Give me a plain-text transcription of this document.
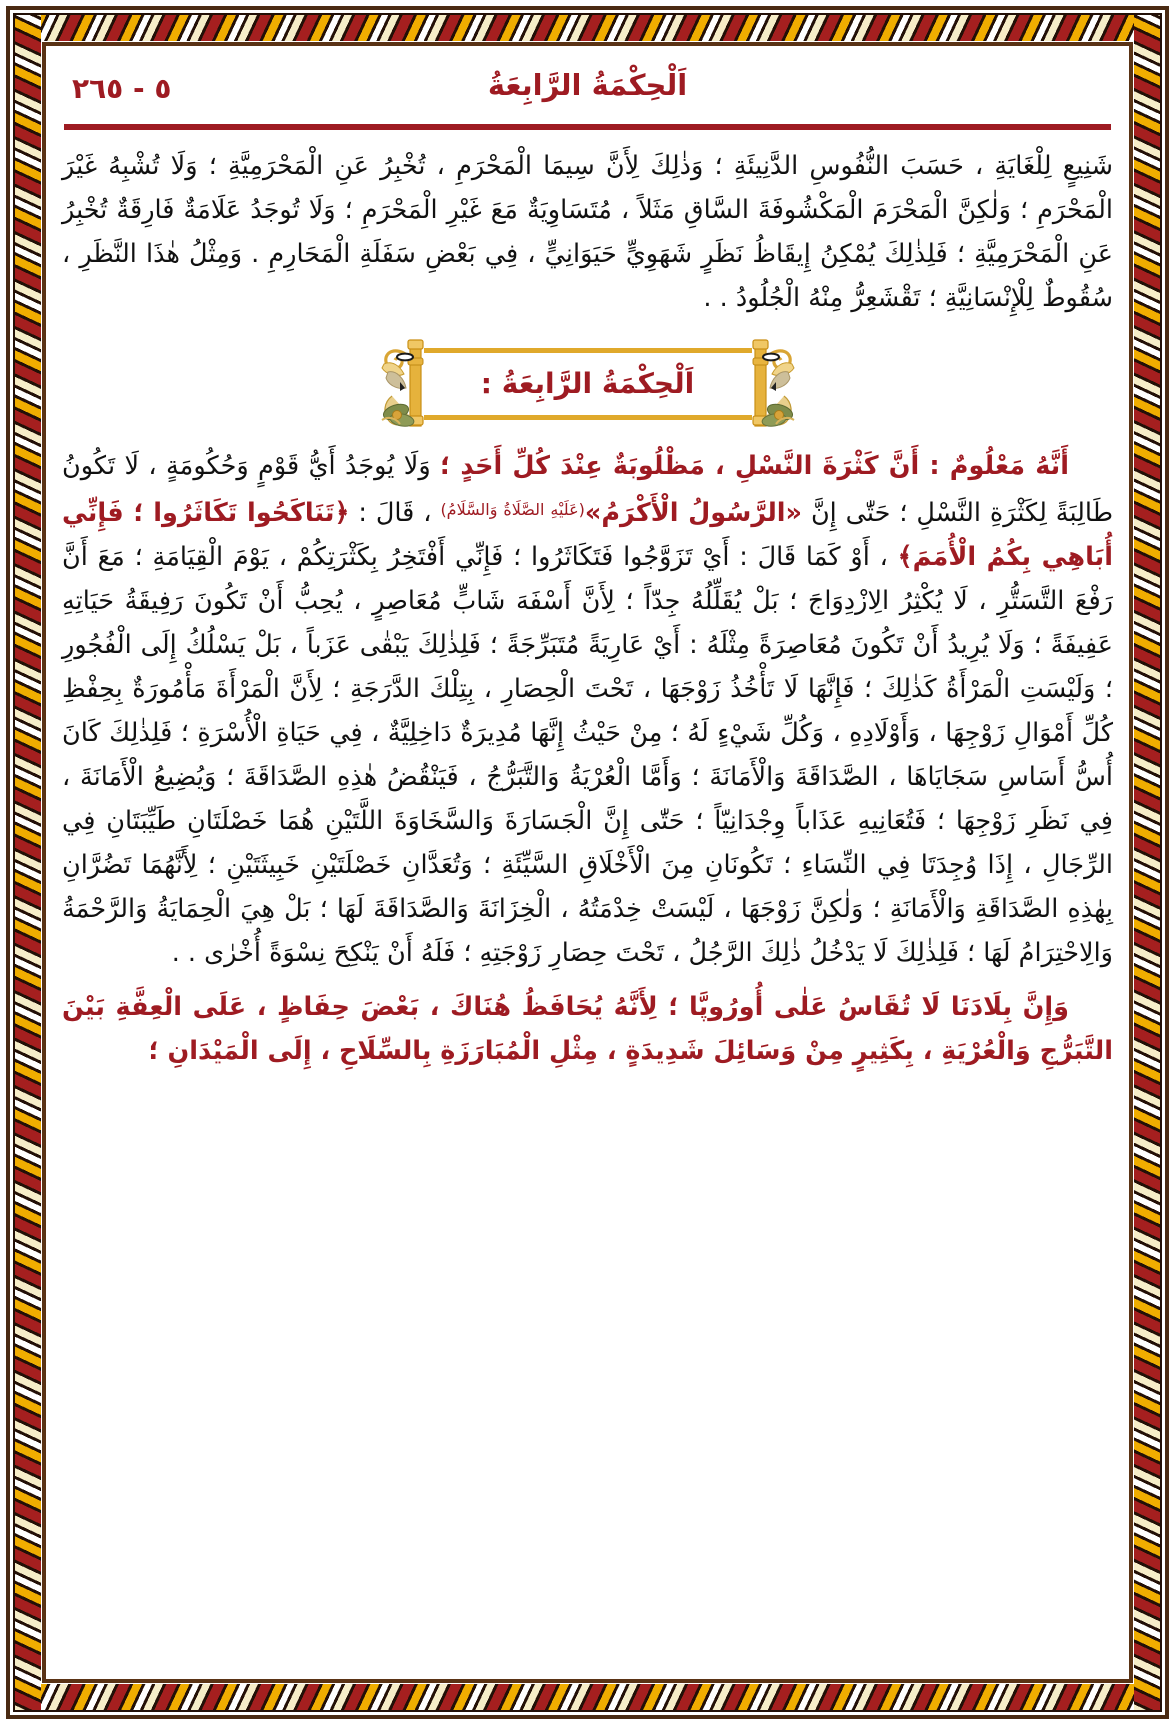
٥ - ٢٦٥	اَلْحِكْمَةُ الرَّابِعَةُ

شَنِيعٍ لِلْغَايَةِ ، حَسَبَ النُّفُوسِ الدَّنِيئَةِ ؛ وَذٰلِكَ لِأَنَّ سِيمَا الْمَحْرَمِ ، تُخْبِرُ عَنِ الْمَحْرَمِيَّةِ ؛ وَلَا تُشْبِهُ غَيْرَ الْمَحْرَمِ ؛ وَلٰكِنَّ الْمَحْرَمَ الْمَكْشُوفَةَ السَّاقِ مَثَلاً ، مُتَسَاوِيَةٌ مَعَ غَيْرِ الْمَحْرَمِ ؛ وَلَا تُوجَدُ عَلَامَةٌ فَارِقَةٌ تُخْبِرُ عَنِ الْمَحْرَمِيَّةِ ؛ فَلِذٰلِكَ يُمْكِنُ إِيقَاظُ نَظَرٍ شَهَوِيٍّ حَيَوَانِيٍّ ، فِي بَعْضِ سَفَلَةِ الْمَحَارِمِ . وَمِثْلُ هٰذَا النَّظَرِ ، سُقُوطٌ لِلْإِنْسَانِيَّةِ ؛ تَقْشَعِرُّ مِنْهُ الْجُلُودُ . .

اَلْحِكْمَةُ الرَّابِعَةُ :

أَنَّهُ مَعْلُومٌ : أَنَّ كَثْرَةَ النَّسْلِ ، مَظْلُوبَةٌ عِنْدَ كُلِّ أَحَدٍ ؛ وَلَا يُوجَدُ أَيُّ قَوْمٍ وَحُكُومَةٍ ، لَا تَكُونُ طَالِبَةً لِكَثْرَةِ النَّسْلِ ؛ حَتّٰى إِنَّ «الرَّسُولُ الْأَكْرَمُ»$^{(عَلَيْهِ الصَّلَاةُ وَالسَّلَامُ)}$ ، قَالَ : ﴿تَنَاكَحُوا تَكَاثَرُوا ؛ فَإِنِّي أُبَاهِي بِكُمُ الْأُمَمَ﴾ ، أَوْ كَمَا قَالَ : أَيْ تَزَوَّجُوا فَتَكَاثَرُوا ؛ فَإِنِّي أَفْتَخِرُ بِكَثْرَتِكُمْ ، يَوْمَ الْقِيَامَةِ ؛ مَعَ أَنَّ رَفْعَ التَّسَتُّرِ ، لَا يُكْثِرُ الِازْدِوَاجَ ؛ بَلْ يُقَلِّلُهُ جِدّاً ؛ لِأَنَّ أَسْفَهَ شَابٍّ مُعَاصِرٍ ، يُحِبُّ أَنْ تَكُونَ رَفِيقَةُ حَيَاتِهِ عَفِيفَةً ؛ وَلَا يُرِيدُ أَنْ تَكُونَ مُعَاصِرَةً مِثْلَهُ : أَيْ عَارِيَةً مُتَبَرِّجَةً ؛ فَلِذٰلِكَ يَبْقٰى عَزَباً ، بَلْ يَسْلُكُ إِلَى الْفُجُورِ ؛ وَلَيْسَتِ الْمَرْأَةُ كَذٰلِكَ ؛ فَإِنَّهَا لَا تَأْخُذُ زَوْجَهَا ، تَحْتَ الْحِصَارِ ، بِتِلْكَ الدَّرَجَةِ ؛ لِأَنَّ الْمَرْأَةَ مَأْمُورَةٌ بِحِفْظِ كُلِّ أَمْوَالِ زَوْجِهَا ، وَأَوْلَادِهِ ، وَكُلِّ شَيْءٍ لَهُ ؛ مِنْ حَيْثُ إِنَّهَا مُدِيرَةٌ دَاخِلِيَّةٌ ، فِي حَيَاةِ الْأُسْرَةِ ؛ فَلِذٰلِكَ كَانَ أُسُّ أَسَاسِ سَجَايَاهَا ، الصَّدَاقَةَ وَالْأَمَانَةَ ؛ وَأَمَّا الْعُرْيَةُ وَالتَّبَرُّجُ ، فَيَنْقُضُ هٰذِهِ الصَّدَاقَةَ ؛ وَيُضِيعُ الْأَمَانَةَ ، فِي نَظَرِ زَوْجِهَا ؛ فَتُعَانِيهِ عَذَاباً وِجْدَانِيّاً ؛ حَتّٰى إِنَّ الْجَسَارَةَ وَالسَّخَاوَةَ اللَّتَيْنِ هُمَا خَصْلَتَانِ طَيِّبَتَانِ فِي الرِّجَالِ ، إِذَا وُجِدَتَا فِي النِّسَاءِ ؛ تَكُونَانِ مِنَ الْأَخْلَاقِ السَّيِّئَةِ ؛ وَتُعَدَّانِ خَصْلَتَيْنِ خَبِيثَتَيْنِ ؛ لِأَنَّهُمَا تَضُرَّانِ بِهٰذِهِ الصَّدَاقَةِ وَالْأَمَانَةِ ؛ وَلٰكِنَّ زَوْجَهَا ، لَيْسَتْ خِدْمَتُهُ ، الْخِزَانَةَ وَالصَّدَاقَةَ لَهَا ؛ بَلْ هِيَ الْحِمَايَةُ وَالرَّحْمَةُ وَالِاحْتِرَامُ لَهَا ؛ فَلِذٰلِكَ لَا يَدْخُلُ ذٰلِكَ الرَّجُلُ ، تَحْتَ حِصَارِ زَوْجَتِهِ ؛ فَلَهُ أَنْ يَنْكِحَ نِسْوَةً أُخْرٰى . .

وَإِنَّ بِلَادَنَا لَا تُقَاسُ عَلٰى أُورُوپَّا ؛ لِأَنَّهُ يُحَافَظُ هُنَاكَ ، بَعْضَ حِفَاظٍ ، عَلَى الْعِفَّةِ بَيْنَ التَّبَرُّجِ وَالْعُرْيَةِ ، بِكَثِيرٍ مِنْ وَسَائِلَ شَدِيدَةٍ ، مِثْلِ الْمُبَارَزَةِ بِالسِّلَاحِ ، إِلَى الْمَيْدَانِ ؛
